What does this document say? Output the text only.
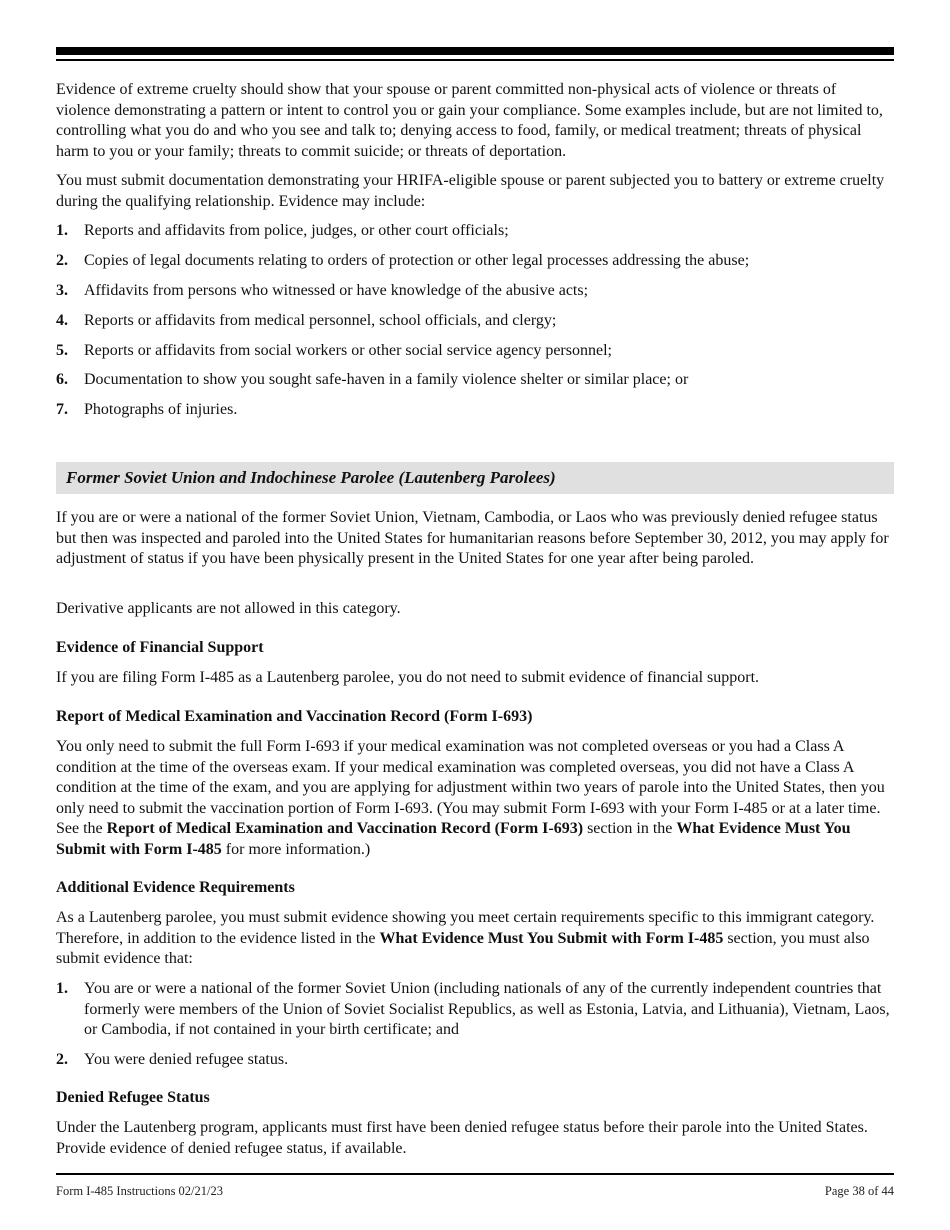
Evidence of extreme cruelty should show that your spouse or parent committed non-physical acts of violence or threats of violence demonstrating a pattern or intent to control you or gain your compliance. Some examples include, but are not limited to, controlling what you do and who you see and talk to; denying access to food, family, or medical treatment; threats of physical harm to you or your family; threats to commit suicide; or threats of deportation.

You must submit documentation demonstrating your HRIFA-eligible spouse or parent subjected you to battery or extreme cruelty during the qualifying relationship. Evidence may include:

1. Reports and affidavits from police, judges, or other court officials;
2. Copies of legal documents relating to orders of protection or other legal processes addressing the abuse;
3. Affidavits from persons who witnessed or have knowledge of the abusive acts;
4. Reports or affidavits from medical personnel, school officials, and clergy;
5. Reports or affidavits from social workers or other social service agency personnel;
6. Documentation to show you sought safe-haven in a family violence shelter or similar place; or
7. Photographs of injuries.
Former Soviet Union and Indochinese Parolee (Lautenberg Parolees)

If you are or were a national of the former Soviet Union, Vietnam, Cambodia, or Laos who was previously denied refugee status but then was inspected and paroled into the United States for humanitarian reasons before September 30, 2012, you may apply for adjustment of status if you have been physically present in the United States for one year after being paroled.

Derivative applicants are not allowed in this category.

Evidence of Financial Support

If you are filing Form I-485 as a Lautenberg parolee, you do not need to submit evidence of financial support.

Report of Medical Examination and Vaccination Record (Form I-693)

You only need to submit the full Form I-693 if your medical examination was not completed overseas or you had a Class A condition at the time of the overseas exam. If your medical examination was completed overseas, you did not have a Class A condition at the time of the exam, and you are applying for adjustment within two years of parole into the United States, then you only need to submit the vaccination portion of Form I-693. (You may submit Form I-693 with your Form I-485 or at a later time. See the Report of Medical Examination and Vaccination Record (Form I-693) section in the What Evidence Must You Submit with Form I-485 for more information.)

Additional Evidence Requirements

As a Lautenberg parolee, you must submit evidence showing you meet certain requirements specific to this immigrant category. Therefore, in addition to the evidence listed in the What Evidence Must You Submit with Form I-485 section, you must also submit evidence that:

1. You are or were a national of the former Soviet Union (including nationals of any of the currently independent countries that formerly were members of the Union of Soviet Socialist Republics, as well as Estonia, Latvia, and Lithuania), Vietnam, Laos, or Cambodia, if not contained in your birth certificate; and
2. You were denied refugee status.
Denied Refugee Status

Under the Lautenberg program, applicants must first have been denied refugee status before their parole into the United States. Provide evidence of denied refugee status, if available.

Form I-485 Instructions 02/21/23	Page 38 of 44
